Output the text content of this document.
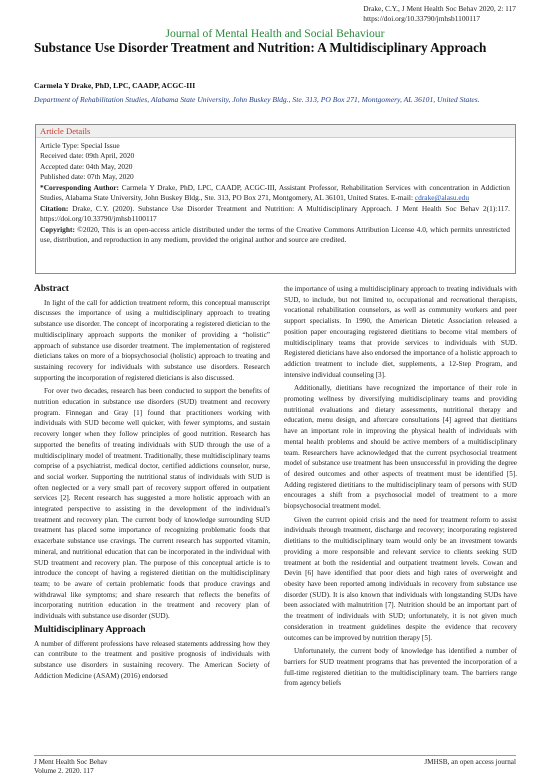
Drake, C.Y., J Ment Health Soc Behav 2020, 2: 117
https://doi.org/10.33790/jmhsb1100117
Journal of Mental Health and Social Behaviour
Substance Use Disorder Treatment and Nutrition: A Multidisciplinary Approach
Carmela Y Drake, PhD, LPC, CAADP, ACGC-III
Department of Rehabilitation Studies, Alabama State University, John Buskey Bldg., Ste. 313, PO Box 271, Montgomery, AL 36101, United States.
Article Details
Article Type: Special Issue
Received date: 09th April, 2020
Accepted date: 04th May, 2020
Published date: 07th May, 2020
*Corresponding Author: Carmela Y Drake, PhD, LPC, CAADP, ACGC-III, Assistant Professor, Rehabilitation Services with concentration in Addiction Studies, Alabama State University, John Buskey Bldg., Ste. 313, PO Box 271, Montgomery, AL 36101, United States. E-mail: cdrake@alasu.edu
Citation: Drake, C.Y. (2020). Substance Use Disorder Treatment and Nutrition: A Multidisciplinary Approach. J Ment Health Soc Behav 2(1):117. https://doi.org/10.33790/jmhsb1100117
Copyright: ©2020, This is an open-access article distributed under the terms of the Creative Commons Attribution License 4.0, which permits unrestricted use, distribution, and reproduction in any medium, provided the original author and source are credited.
Abstract

In light of the call for addiction treatment reform, this conceptual manuscript discusses the importance of using a multidisciplinary approach to treating substance use disorder. The concept of incorporating a registered dietician to the multidisciplinary approach supports the moniker of providing a “holistic” approach of substance use disorder treatment. The implementation of registered dieticians takes on more of a biopsychosocial (holistic) approach to treating and sustaining recovery for individuals with substance use disorders. Research supporting the incorporation of registered dieticians is also discussed.

For over two decades, research has been conducted to support the benefits of nutrition education in substance use disorders (SUD) treatment and recovery program. Finnegan and Gray [1] found that practitioners working with individuals with SUD become well quicker, with fewer symptoms, and sustain recovery longer when they follow principles of good nutrition. Research has supported the benefits of treating individuals with SUD through the use of a multidisciplinary model of treatment. Traditionally, these multidisciplinary teams comprise of a psychiatrist, medical doctor, certified addictions counselor, nurse, and social worker. Supporting the nutritional status of individuals with SUD is often neglected or a very small part of recovery support offered in outpatient services [2]. Recent research has suggested a more holistic approach with an integrated perspective to assisting in the development of the individual’s treatment and recovery plan. The current body of knowledge surrounding SUD treatment has placed some importance of recognizing problematic foods that exacerbate substance use cravings. The current research has supported vitamin, mineral, and nutritional education that can be incorporated in the individual with SUD treatment and recovery plan. The purpose of this conceptual article is to introduce the concept of having a registered dietitian on the multidisciplinary team; to be aware of certain problematic foods that produce cravings and withdrawal like symptoms; and share research that reflects the benefits of incorporating nutrition education in the treatment and recovery plan of individuals with substance use disorder (SUD).

Multidisciplinary Approach

A number of different professions have released statements addressing how they can contribute to the treatment and positive prognosis of individuals with substance use disorders in sustaining recovery. The American Society of Addiction Medicine (ASAM) (2016) endorsed

the importance of using a multidisciplinary approach to treating individuals with SUD, to include, but not limited to, occupational and recreational therapists, vocational rehabilitation counselors, as well as community workers and peer support specialists. In 1990, the American Dietetic Association released a position paper encouraging registered dietitians to become vital members of multidisciplinary teams that provide services to individuals with SUD. Registered dieticians have also endorsed the importance of a holistic approach to addiction treatment to include diet, supplements, a 12-Step Program, and intensive individual counseling [3].

Additionally, dietitians have recognized the importance of their role in promoting wellness by diversifying multidisciplinary teams and providing nutritional evaluations and dietary assessments, nutritional therapy and education, menu design, and aftercare consultations [4] agreed that dietitians have an important role in improving the physical health of individuals with mental health problems and should be active members of a multidisciplinary team. Researchers have acknowledged that the current psychosocial treatment model of substance use treatment has been unsuccessful in providing the degree of desired outcomes and other aspects of treatment must be identified [5]. Adding registered dietitians to the multidisciplinary team of persons with SUD encourages a shift from a psychosocial model of treatment to a more biopsychosocial treatment model.

Given the current opioid crisis and the need for treatment reform to assist individuals through treatment, discharge and recovery; incorporating registered dietitians to the multidisciplinary team would only be an investment towards providing a more responsible and relevant service to clients seeking SUD treatment at both the residential and outpatient treatment levels. Cowan and Devin [6] have identified that poor diets and high rates of overweight and obesity have been reported among individuals in recovery from substance use disorder (SUD). It is also known that individuals with longstanding SUDs have been associated with malnutrition [7]. Nutrition should be an important part of the treatment of individuals with SUD; unfortunately, it is not given much consideration in treatment guidelines despite the evidence that recovery outcomes can be improved by nutrition therapy [5].

Unfortunately, the current body of knowledge has identified a number of barriers for SUD treatment programs that has prevented the incorporation of a full-time registered dietitian to the multidisciplinary team. The barriers range from agency beliefs

J Ment Health Soc Behav
Volume 2. 2020. 117
JMHSB, an open access journal
